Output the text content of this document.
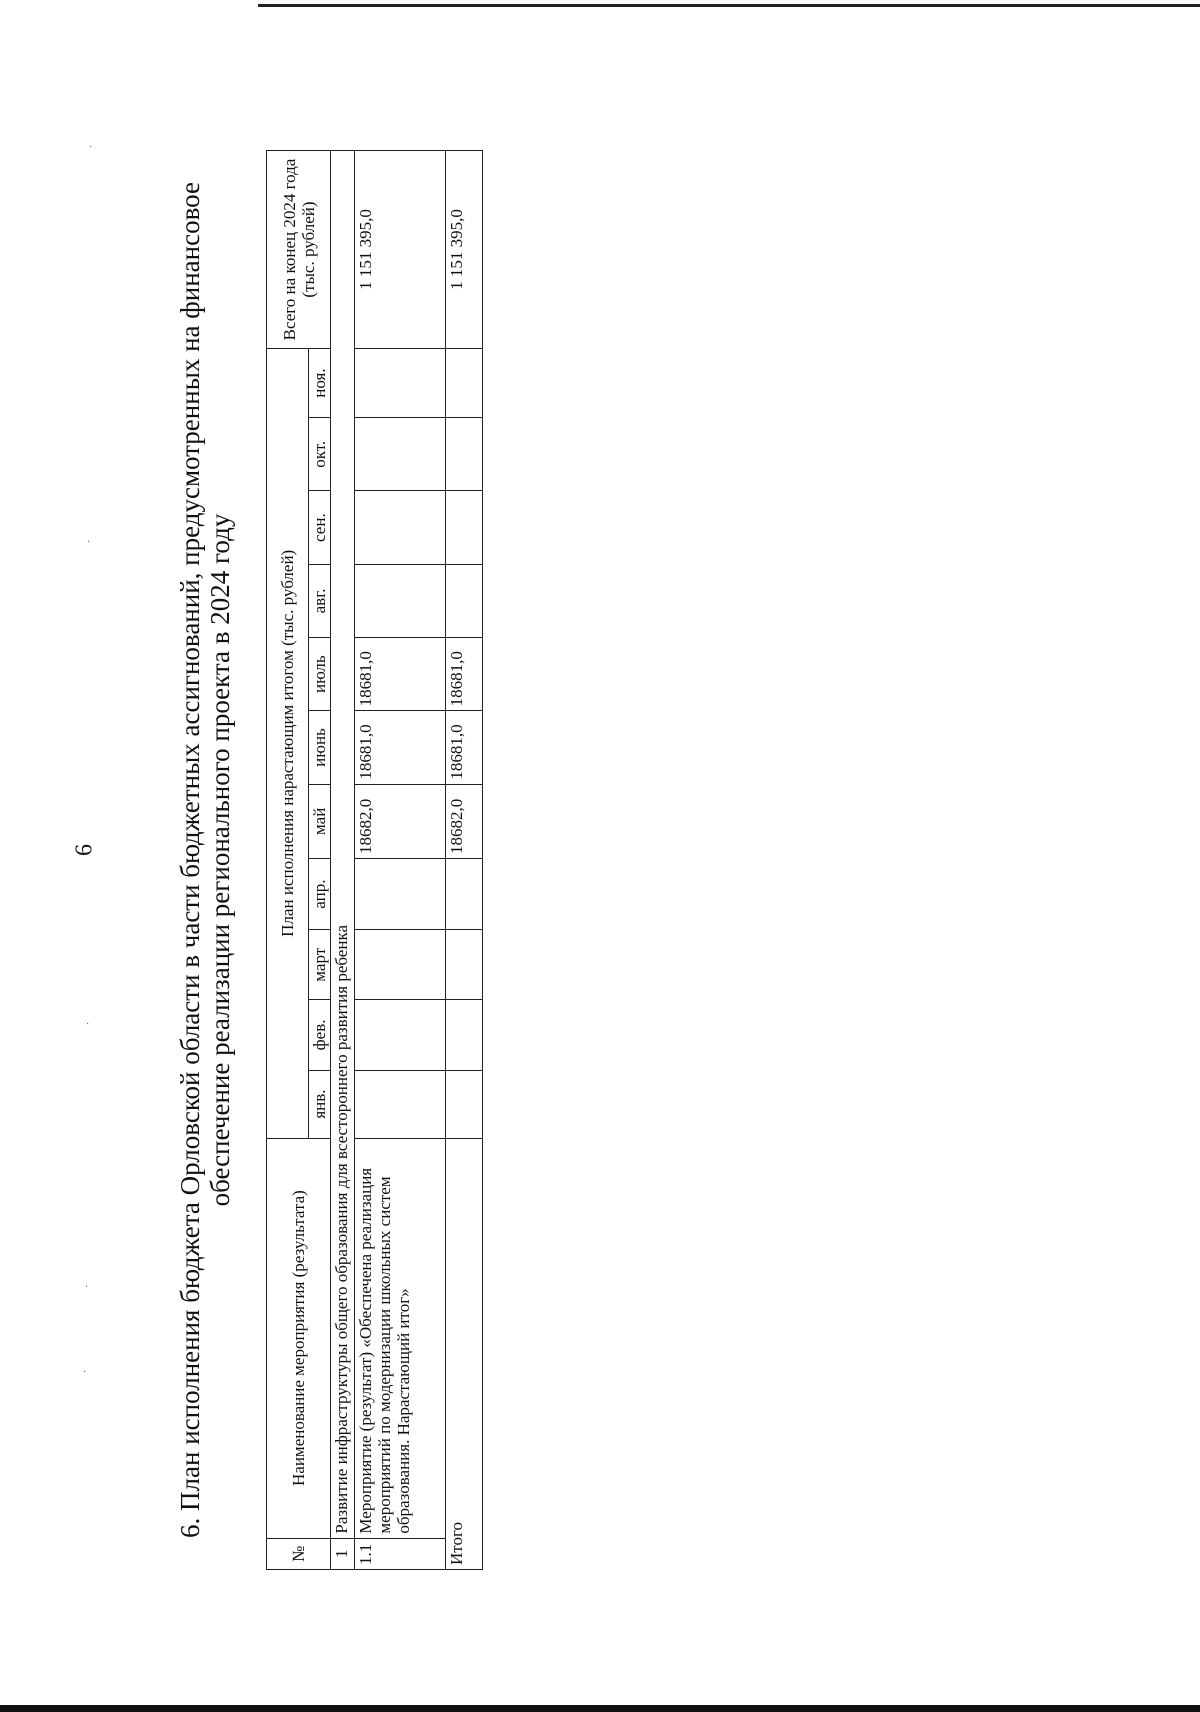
·
·
·
·
·
6	6. План исполнения бюджета Орловской области в части бюджетных ассигнований, предусмотренных на финансовое обеспечение реализации регионального проекта в 2024 году
№	Наименование мероприятия (результата)	План исполнения нарастающим итогом (тыс. рублей)											Всего на конец 2024 года (тыс. рублей)
		янв.	фев.	март	апр.	май	июнь	июль	авг.	сен.	окт.	ноя.	
1	Развитие инфраструктуры общего образования для всестороннего развития ребенка												
1.1	Мероприятие (результат) «Обеспечена реализация мероприятий по модернизации школьных систем образования. Нарастающий итог»					18682,0	18681,0	18681,0					1 151 395,0
Итого						18682,0	18681,0	18681,0					1 151 395,0
